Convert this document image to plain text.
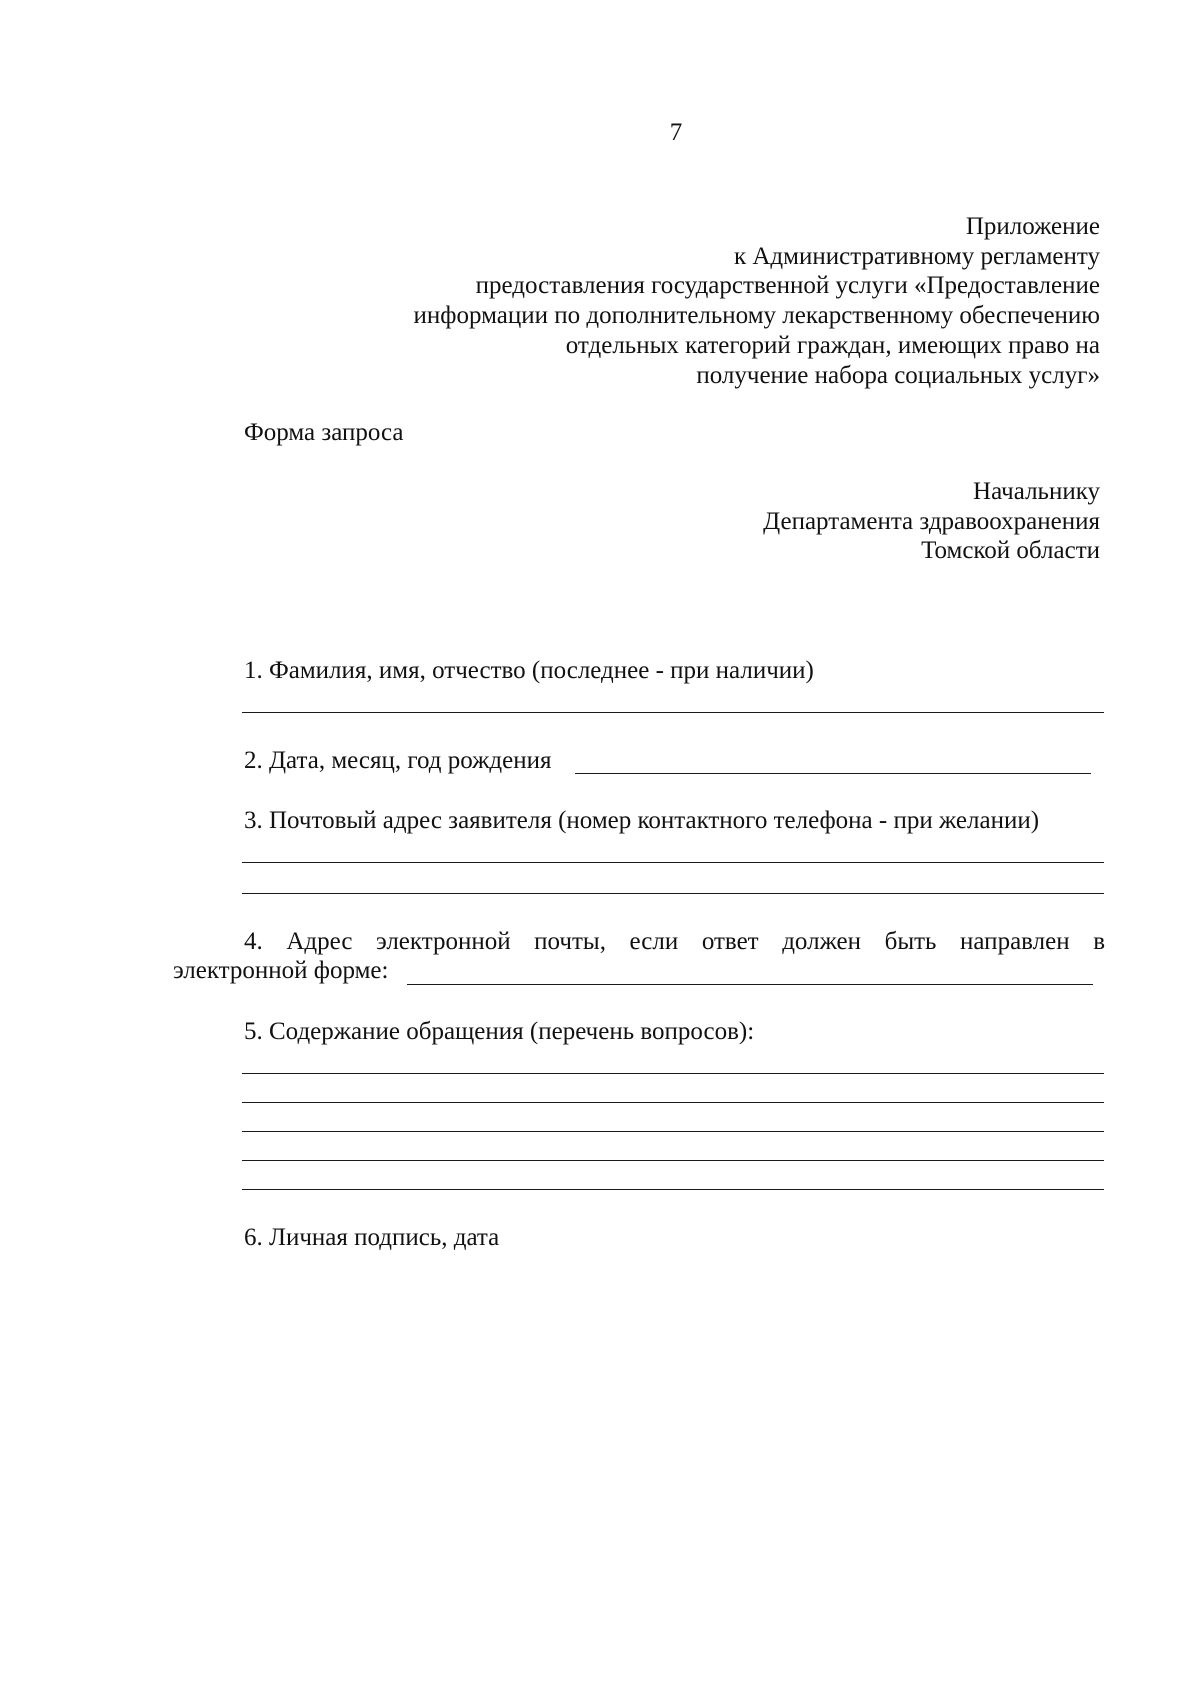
7
Приложение
к Административному регламенту
предоставления государственной услуги «Предоставление
информации по дополнительному лекарственному обеспечению
отдельных категорий граждан, имеющих право на
получение набора социальных услуг»
Форма запроса
Начальнику
Департамента здравоохранения
Томской области
1. Фамилия, имя, отчество (последнее - при наличии)
2. Дата, месяц, год рождения
3. Почтовый адрес заявителя (номер контактного телефона - при желании)
4. Адрес электронной почты, если ответ должен быть направлен в
электронной форме:
5. Содержание обращения (перечень вопросов):
6. Личная подпись, дата
